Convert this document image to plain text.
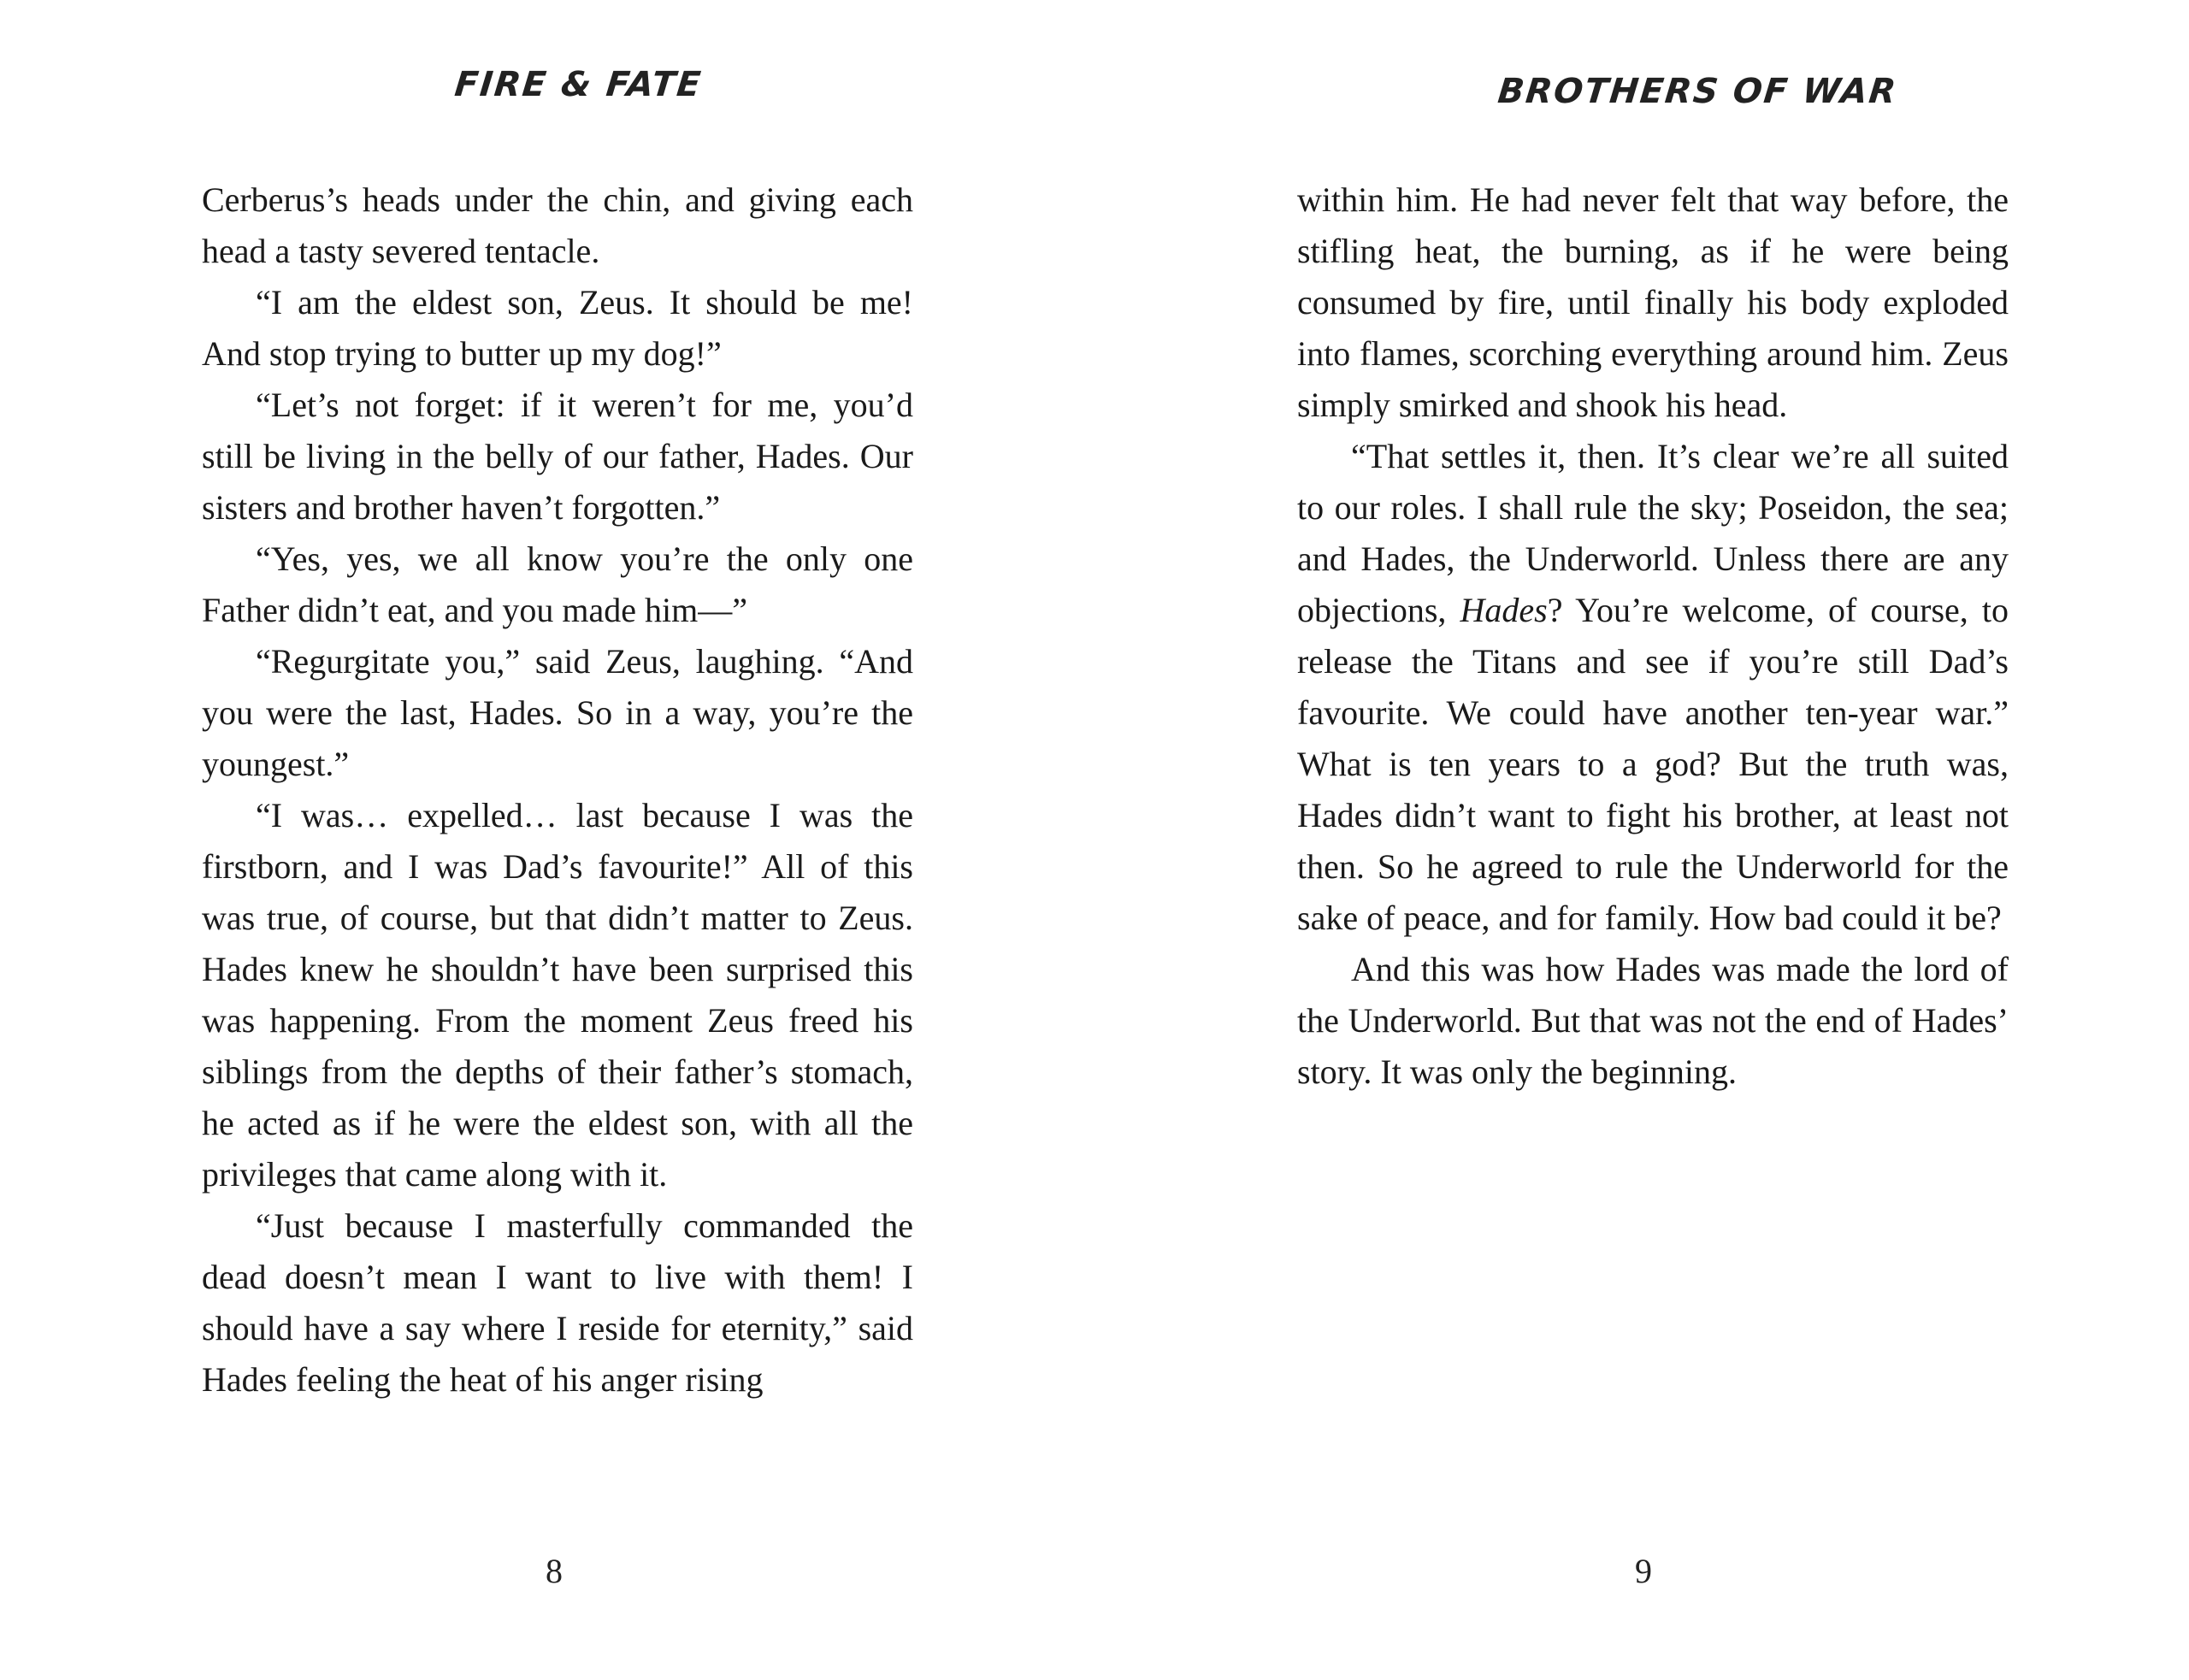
FIRE & FATE

Cerberus’s heads under the chin, and giving each head a tasty severed tentacle.

“I am the eldest son, Zeus. It should be me! And stop trying to butter up my dog!”

“Let’s not forget: if it weren’t for me, you’d still be living in the belly of our father, Hades. Our sisters and brother haven’t forgotten.”

“Yes, yes, we all know you’re the only one Father didn’t eat, and you made him—”

“Regurgitate you,” said Zeus, laughing. “And you were the last, Hades. So in a way, you’re the youngest.”

“I was… expelled… last because I was the firstborn, and I was Dad’s favourite!” All of this was true, of course, but that didn’t matter to Zeus. Hades knew he shouldn’t have been surprised this was happening. From the moment Zeus freed his siblings from the depths of their father’s stomach, he acted as if he were the eldest son, with all the privileges that came along with it.

“Just because I masterfully commanded the dead doesn’t mean I want to live with them! I should have a say where I reside for eternity,” said Hades feeling the heat of his anger rising

8
BROTHERS OF WAR

within him. He had never felt that way before, the stifling heat, the burning, as if he were being consumed by fire, until finally his body exploded into flames, scorching everything around him. Zeus simply smirked and shook his head.

“That settles it, then. It’s clear we’re all suited to our roles. I shall rule the sky; Poseidon, the sea; and Hades, the Underworld. Unless there are any objections, Hades? You’re welcome, of course, to release the Titans and see if you’re still Dad’s favourite. We could have another ten-year war.” What is ten years to a god? But the truth was, Hades didn’t want to fight his brother, at least not then. So he agreed to rule the Underworld for the sake of peace, and for family. How bad could it be?

And this was how Hades was made the lord of the Underworld. But that was not the end of Hades’ story. It was only the beginning.

9
